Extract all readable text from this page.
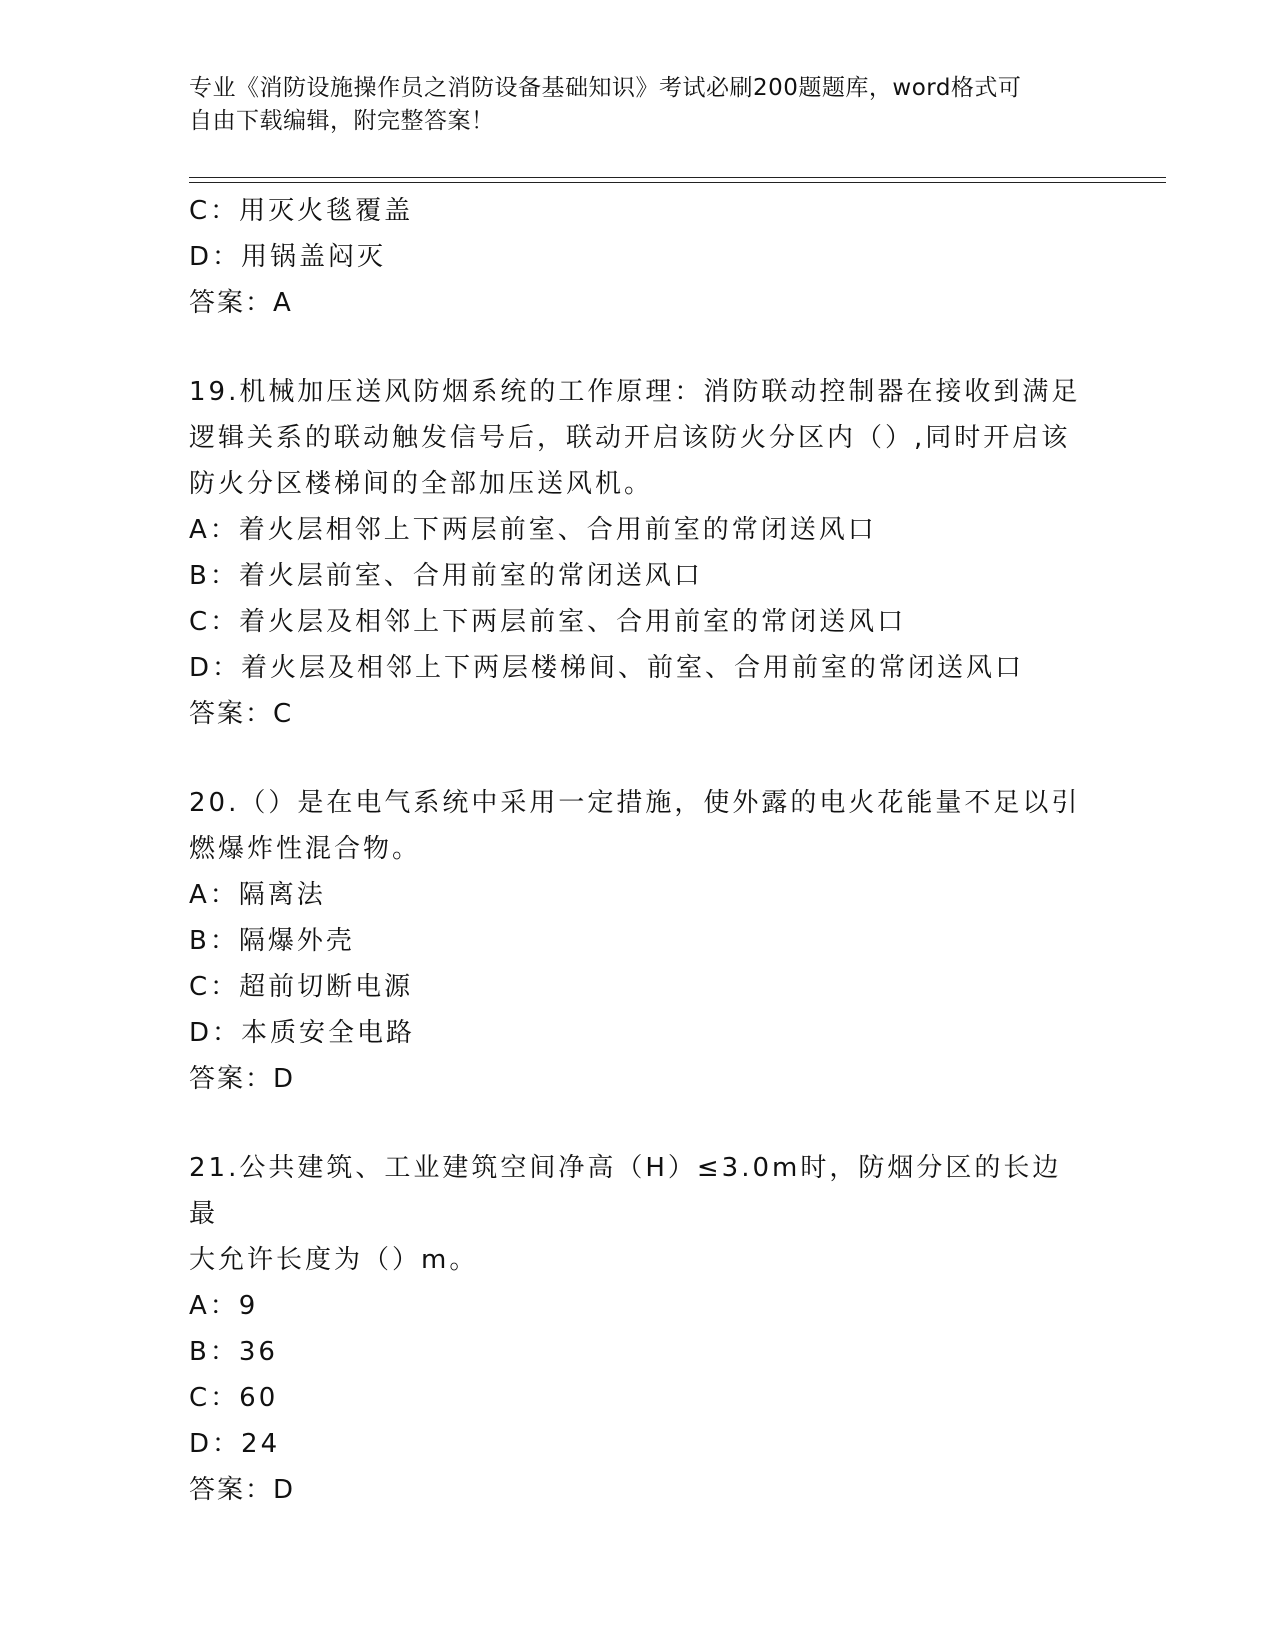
专业《消防设施操作员之消防设备基础知识》考试必刷200题题库，word格式可
自由下载编辑，附完整答案！
C：用灭火毯覆盖
D：用锅盖闷灭
答案：A
19.机械加压送风防烟系统的工作原理：消防联动控制器在接收到满足
逻辑关系的联动触发信号后，联动开启该防火分区内（）,同时开启该
防火分区楼梯间的全部加压送风机。
A：着火层相邻上下两层前室、合用前室的常闭送风口
B：着火层前室、合用前室的常闭送风口
C：着火层及相邻上下两层前室、合用前室的常闭送风口
D：着火层及相邻上下两层楼梯间、前室、合用前室的常闭送风口
答案：C
20.（）是在电气系统中采用一定措施，使外露的电火花能量不足以引
燃爆炸性混合物。
A：隔离法
B：隔爆外壳
C：超前切断电源
D：本质安全电路
答案：D
21.公共建筑、工业建筑空间净高（H）≤3.0m时，防烟分区的长边最
大允许长度为（）m。
A：9
B：36
C：60
D：24
答案：D
